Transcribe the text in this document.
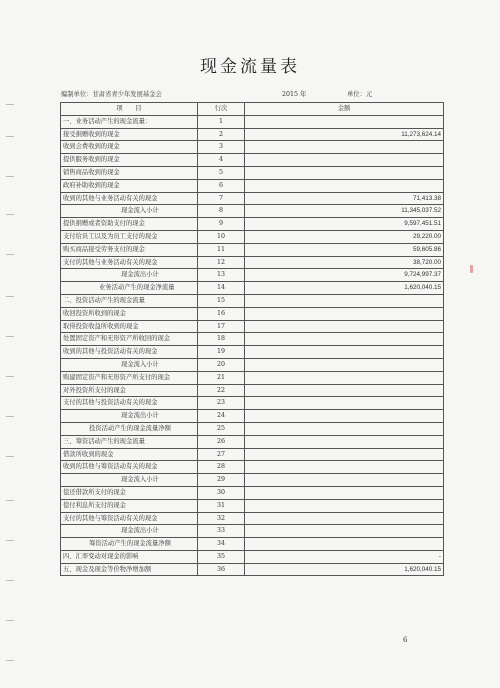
现金流量表
编制单位：甘肃省青少年发展基金会	2015 年	单位：元
项　　目	行次	金额
一、业务活动产生的现金流量：	1	
接受捐赠收到的现金	2	11,273,624.14
收到会费收到的现金	3	
提供服务收到的现金	4	
销售商品收到的现金	5	
政府补助收到的现金	6	
收到的其他与业务活动有关的现金	7	71,413.38
现金流入小计	8	11,345,037.52
提供捐赠或者资助支付的现金	9	9,597,451.51
支付给员工以及为员工支付的现金	10	29,220.00
购买商品接受劳务支付的现金	11	59,605.86
支付的其他与业务活动有关的现金	12	38,720.00
现金流出小计	13	9,724,997.37
业务活动产生的现金净流量	14	1,620,040.15
二、投资活动产生的现金流量	15	
收回投资所收到的现金	16	
取得投资收益所收到的现金	17	
处置固定资产和无形资产所收回的现金	18	
收到的其他与投资活动有关的现金	19	
现金流入小计	20	
购建固定资产和无形资产所支付的现金	21	
对外投资所支付的现金	22	
支付的其他与投资活动有关的现金	23	
现金流出小计	24	
投资活动产生的现金流量净额	25	
三、筹资活动产生的现金流量	26	
借款所收到的现金	27	
收到的其他与筹资活动有关的现金	28	
现金流入小计	29	
偿还借款所支付的现金	30	
偿付利息所支付的现金	31	
支付的其他与筹资活动有关的现金	32	
现金流出小计	33	
筹资活动产生的现金流量净额	34	
四、汇率变动对现金的影响	35	-
五、现金及现金等价物净增加额	36	1,620,040.15
6
